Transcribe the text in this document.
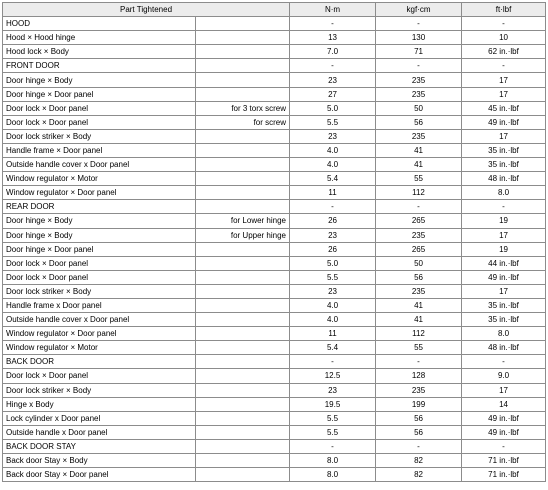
Part Tightened		N·m	kgf·cm	ft·lbf
HOOD		-	-	-
Hood × Hood hinge		13	130	10
Hood lock × Body		7.0	71	62 in.·lbf
FRONT DOOR		-	-	-
Door hinge × Body		23	235	17
Door hinge × Door panel		27	235	17
Door lock × Door panel	for 3 torx screw	5.0	50	45 in.·lbf
Door lock × Door panel	for screw	5.5	56	49 in.·lbf
Door lock striker × Body		23	235	17
Handle frame × Door panel		4.0	41	35 in.·lbf
Outside handle cover x Door panel		4.0	41	35 in.·lbf
Window regulator × Motor		5.4	55	48 in.·lbf
Window regulator × Door panel		11	112	8.0
REAR DOOR		-	-	-
Door hinge × Body	for Lower hinge	26	265	19
Door hinge × Body	for Upper hinge	23	235	17
Door hinge × Door panel		26	265	19
Door lock × Door panel		5.0	50	44 in.·lbf
Door lock × Door panel		5.5	56	49 in.·lbf
Door lock striker × Body		23	235	17
Handle frame x Door panel		4.0	41	35 in.·lbf
Outside handle cover x Door panel		4.0	41	35 in.·lbf
Window regulator × Door panel		11	112	8.0
Window regulator × Motor		5.4	55	48 in.·lbf
BACK DOOR		-	-	-
Door lock × Door panel		12.5	128	9.0
Door lock striker × Body		23	235	17
Hinge x Body		19.5	199	14
Lock cylinder x Door panel		5.5	56	49 in.·lbf
Outside handle x Door panel		5.5	56	49 in.·lbf
BACK DOOR STAY		-	-	-
Back door Stay × Body		8.0	82	71 in.·lbf
Back door Stay × Door panel		8.0	82	71 in.·lbf
